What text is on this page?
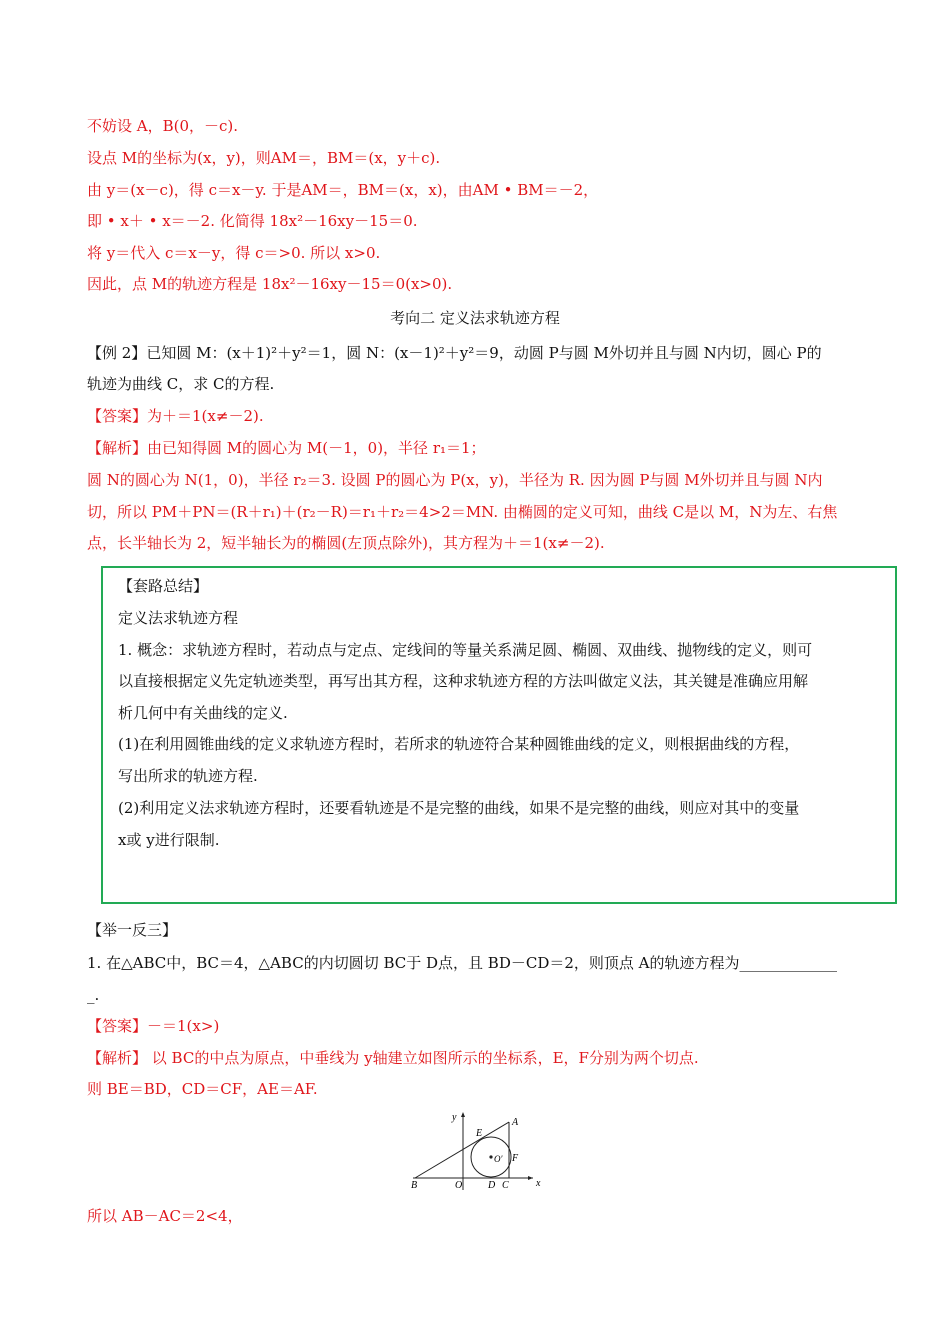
不妨设 A，B(0，－c).
设点 M的坐标为(x，y)，则AM＝，BM＝(x，y＋c).
由 y＝(x－c)，得 c＝x－y. 于是AM＝，BM＝(x，x)，由AM • BM＝－2，
即 • x＋ • x＝－2. 化简得 18x²－16xy－15＝0.
将 y＝代入 c＝x－y，得 c＝>0. 所以 x>0.
因此，点 M的轨迹方程是 18x²－16xy－15＝0(x>0).
考向二 定义法求轨迹方程
【例 2】已知圆 M：(x＋1)²＋y²＝1，圆 N：(x－1)²＋y²＝9，动圆 P与圆 M外切并且与圆 N内切，圆心 P的
轨迹为曲线 C，求 C的方程.
【答案】为＋＝1(x≠－2).
【解析】由已知得圆 M的圆心为 M(－1，0)，半径 r₁＝1；
圆 N的圆心为 N(1，0)，半径 r₂＝3. 设圆 P的圆心为 P(x，y)，半径为 R. 因为圆 P与圆 M外切并且与圆 N内
切，所以 PM＋PN＝(R＋r₁)＋(r₂－R)＝r₁＋r₂＝4>2＝MN. 由椭圆的定义可知，曲线 C是以 M，N为左、右焦
点，长半轴长为 2，短半轴长为的椭圆(左顶点除外)，其方程为＋＝1(x≠－2).
【套路总结】
定义法求轨迹方程
1. 概念：求轨迹方程时，若动点与定点、定线间的等量关系满足圆、椭圆、双曲线、抛物线的定义，则可
以直接根据定义先定轨迹类型，再写出其方程，这种求轨迹方程的方法叫做定义法，其关键是准确应用解
析几何中有关曲线的定义.
(1)在利用圆锥曲线的定义求轨迹方程时，若所求的轨迹符合某种圆锥曲线的定义，则根据曲线的方程，
写出所求的轨迹方程.
(2)利用定义法求轨迹方程时，还要看轨迹是不是完整的曲线，如果不是完整的曲线，则应对其中的变量
x或 y进行限制.
【举一反三】
1. 在△ABC中，BC＝4，△ABC的内切圆切 BC于 D点，且 BD－CD＝2，则顶点 A的轨迹方程为_____________
_.
【答案】－＝1(x>)
【解析】 以 BC的中点为原点，中垂线为 y轴建立如图所示的坐标系，E，F分别为两个切点.
则 BE＝BD，CD＝CF，AE＝AF.
y
x
A
E
F
O′
B	O	D C
所以 AB－AC＝2<4，
